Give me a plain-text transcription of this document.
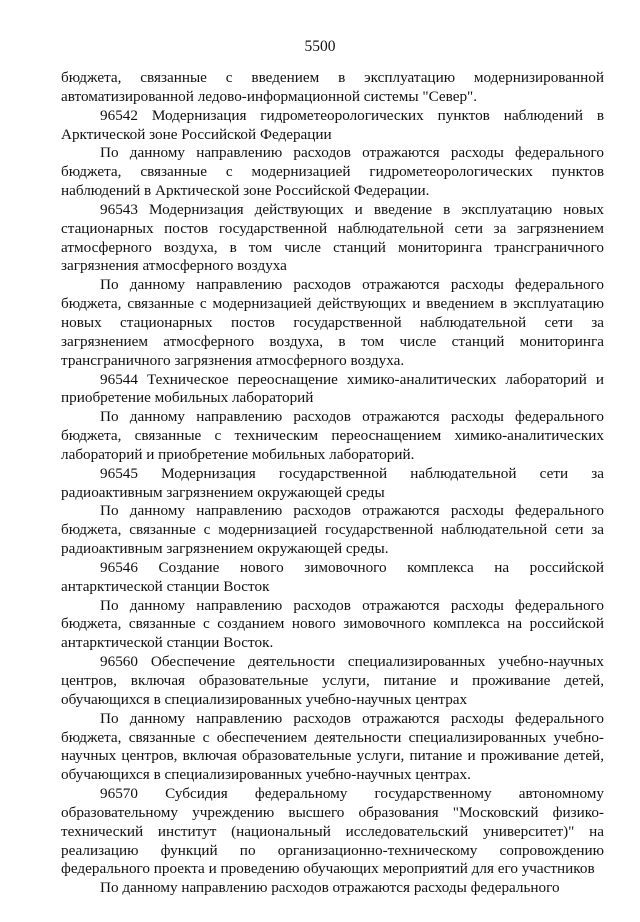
5500

бюджета, связанные с введением в эксплуатацию модернизированной автоматизированной ледово-информационной системы "Север".

96542 Модернизация гидрометеорологических пунктов наблюдений в Арктической зоне Российской Федерации

По данному направлению расходов отражаются расходы федерального бюджета, связанные с модернизацией гидрометеорологических пунктов наблюдений в Арктической зоне Российской Федерации.

96543 Модернизация действующих и введение в эксплуатацию новых стационарных постов государственной наблюдательной сети за загрязнением атмосферного воздуха, в том числе станций мониторинга трансграничного загрязнения атмосферного воздуха

По данному направлению расходов отражаются расходы федерального бюджета, связанные с модернизацией действующих и введением в эксплуатацию новых стационарных постов государственной наблюдательной сети за загрязнением атмосферного воздуха, в том числе станций мониторинга трансграничного загрязнения атмосферного воздуха.

96544 Техническое переоснащение химико-аналитических лабораторий и приобретение мобильных лабораторий

По данному направлению расходов отражаются расходы федерального бюджета, связанные с техническим переоснащением химико-аналитических лабораторий и приобретение мобильных лабораторий.

96545 Модернизация государственной наблюдательной сети за радиоактивным загрязнением окружающей среды

По данному направлению расходов отражаются расходы федерального бюджета, связанные с модернизацией государственной наблюдательной сети за радиоактивным загрязнением окружающей среды.

96546 Создание нового зимовочного комплекса на российской антарктической станции Восток

По данному направлению расходов отражаются расходы федерального бюджета, связанные с созданием нового зимовочного комплекса на российской антарктической станции Восток.

96560 Обеспечение деятельности специализированных учебно-научных центров, включая образовательные услуги, питание и проживание детей, обучающихся в специализированных учебно-научных центрах

По данному направлению расходов отражаются расходы федерального бюджета, связанные с обеспечением деятельности специализированных учебно-научных центров, включая образовательные услуги, питание и проживание детей, обучающихся в специализированных учебно-научных центрах.

96570 Субсидия федеральному государственному автономному образовательному учреждению высшего образования "Московский физико-технический институт (национальный исследовательский университет)" на реализацию функций по организационно-техническому сопровождению федерального проекта и проведению обучающих мероприятий для его участников

По данному направлению расходов отражаются расходы федерального
